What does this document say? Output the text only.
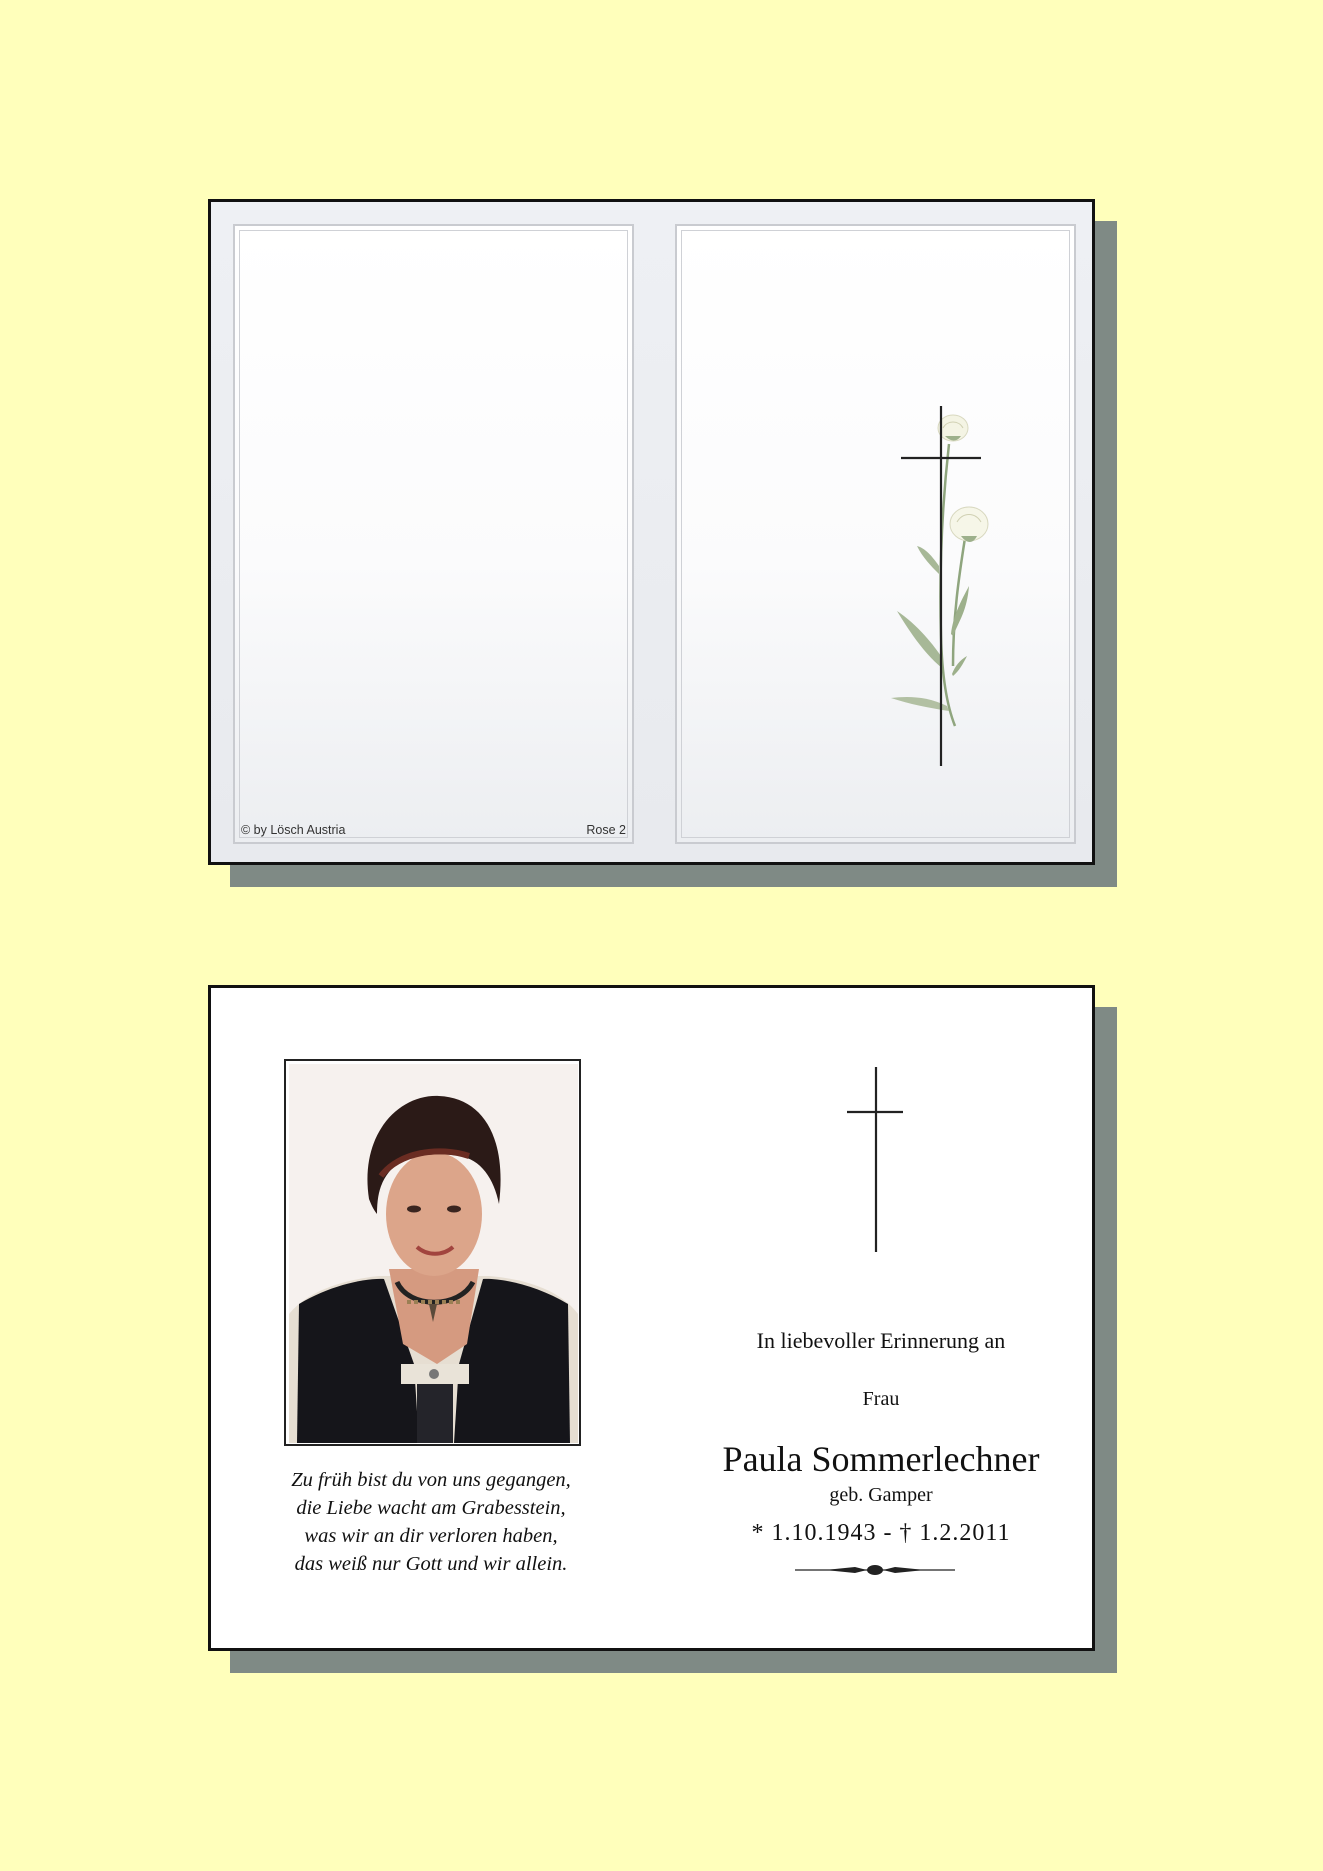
© by Lösch Austria	Rose 2
Zu früh bist du von uns gegangen,
die Liebe wacht am Grabesstein,
was wir an dir verloren haben,
das weiß nur Gott und wir allein.
In liebevoller Erinnerung an
Frau
Paula Sommerlechner
geb. Gamper
* 1.10.1943 - † 1.2.2011
